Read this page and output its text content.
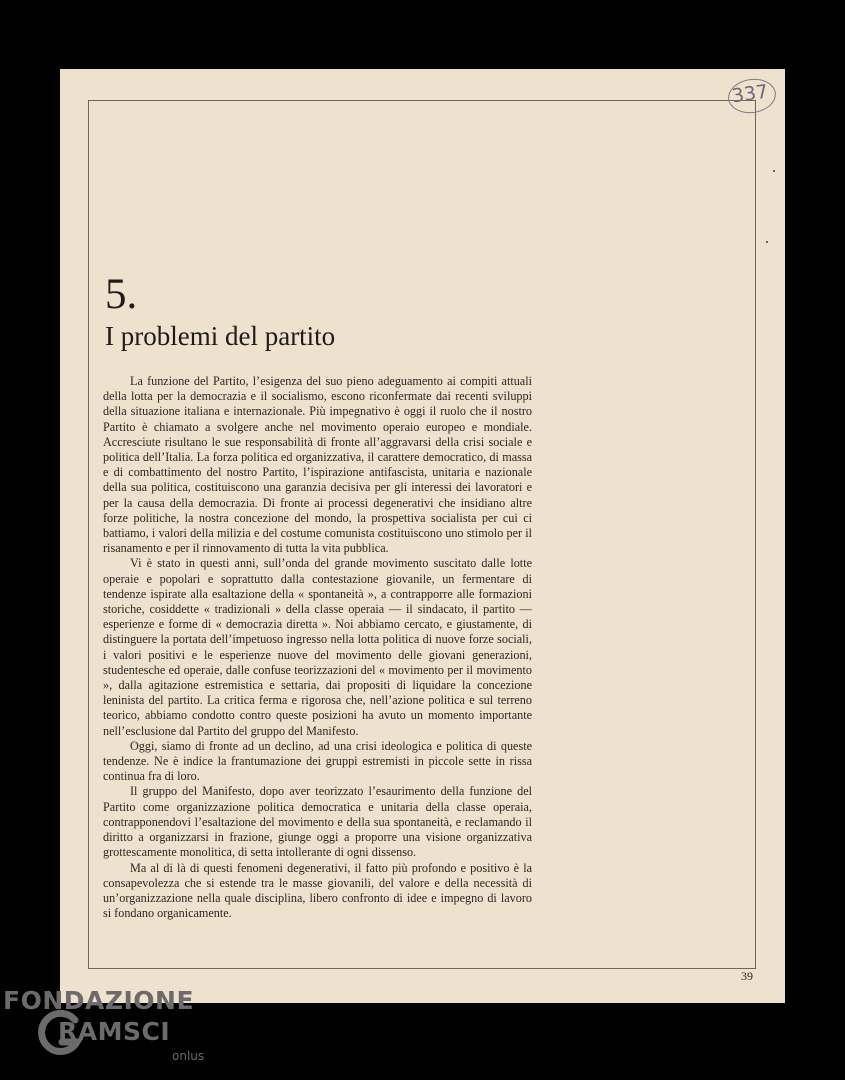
337
5.
I problemi del partito

La funzione del Partito, l’esigenza del suo pieno adeguamento ai compiti attuali della lotta per la democrazia e il socialismo, escono riconfermate dai recenti sviluppi della situazione italiana e internazionale. Più impegnativo è oggi il ruolo che il nostro Partito è chiamato a svolgere anche nel movimento operaio europeo e mondiale. Accresciute risultano le sue responsabilità di fronte all’aggravarsi della crisi sociale e politica dell’Italia. La forza politica ed organizzativa, il carattere democratico, di massa e di combattimento del nostro Partito, l’ispirazione antifascista, unitaria e nazionale della sua politica, costituiscono una garanzia decisiva per gli interessi dei lavoratori e per la causa della democrazia. Di fronte ai processi degenerativi che insidiano altre forze politiche, la nostra concezione del mondo, la prospettiva socialista per cui ci battiamo, i valori della milizia e del costume comunista costituiscono uno stimolo per il risanamento e per il rinnovamento di tutta la vita pubblica.

Vi è stato in questi anni, sull’onda del grande movimento suscitato dalle lotte operaie e popolari e soprattutto dalla contestazione giovanile, un fermentare di tendenze ispirate alla esaltazione della « spontaneità », a contrapporre alle formazioni storiche, cosiddette « tradizionali » della classe operaia — il sindacato, il partito — esperienze e forme di « democrazia diretta ». Noi abbiamo cercato, e giustamente, di distinguere la portata dell’impetuoso ingresso nella lotta politica di nuove forze sociali, i valori positivi e le esperienze nuove del movimento delle giovani generazioni, studentesche ed operaie, dalle confuse teorizzazioni del « movimento per il movimento », dalla agitazione estremistica e settaria, dai propositi di liquidare la concezione leninista del partito. La critica ferma e rigorosa che, nell’azione politica e sul terreno teorico, abbiamo condotto contro queste posizioni ha avuto un momento importante nell’esclusione dal Partito del gruppo del Manifesto.

Oggi, siamo di fronte ad un declino, ad una crisi ideologica e politica di queste tendenze. Ne è indice la frantumazione dei gruppi estremisti in piccole sette in rissa continua fra di loro.

Il gruppo del Manifesto, dopo aver teorizzato l’esaurimento della funzione del Partito come organizzazione politica democratica e unitaria della classe operaia, contrapponendovi l’esaltazione del movimento e della sua spontaneità, e reclamando il diritto a organizzarsi in frazione, giunge oggi a proporre una visione organizzativa grottescamente monolitica, di setta intollerante di ogni dissenso.

Ma al di là di questi fenomeni degenerativi, il fatto più profondo e positivo è la consapevolezza che si estende tra le masse giovanili, del valore e della necessità di un’organizzazione nella quale disciplina, libero confronto di idee e impegno di lavoro si fondano organicamente.

39
FONDAZIONE
RAMSCI
onlus
